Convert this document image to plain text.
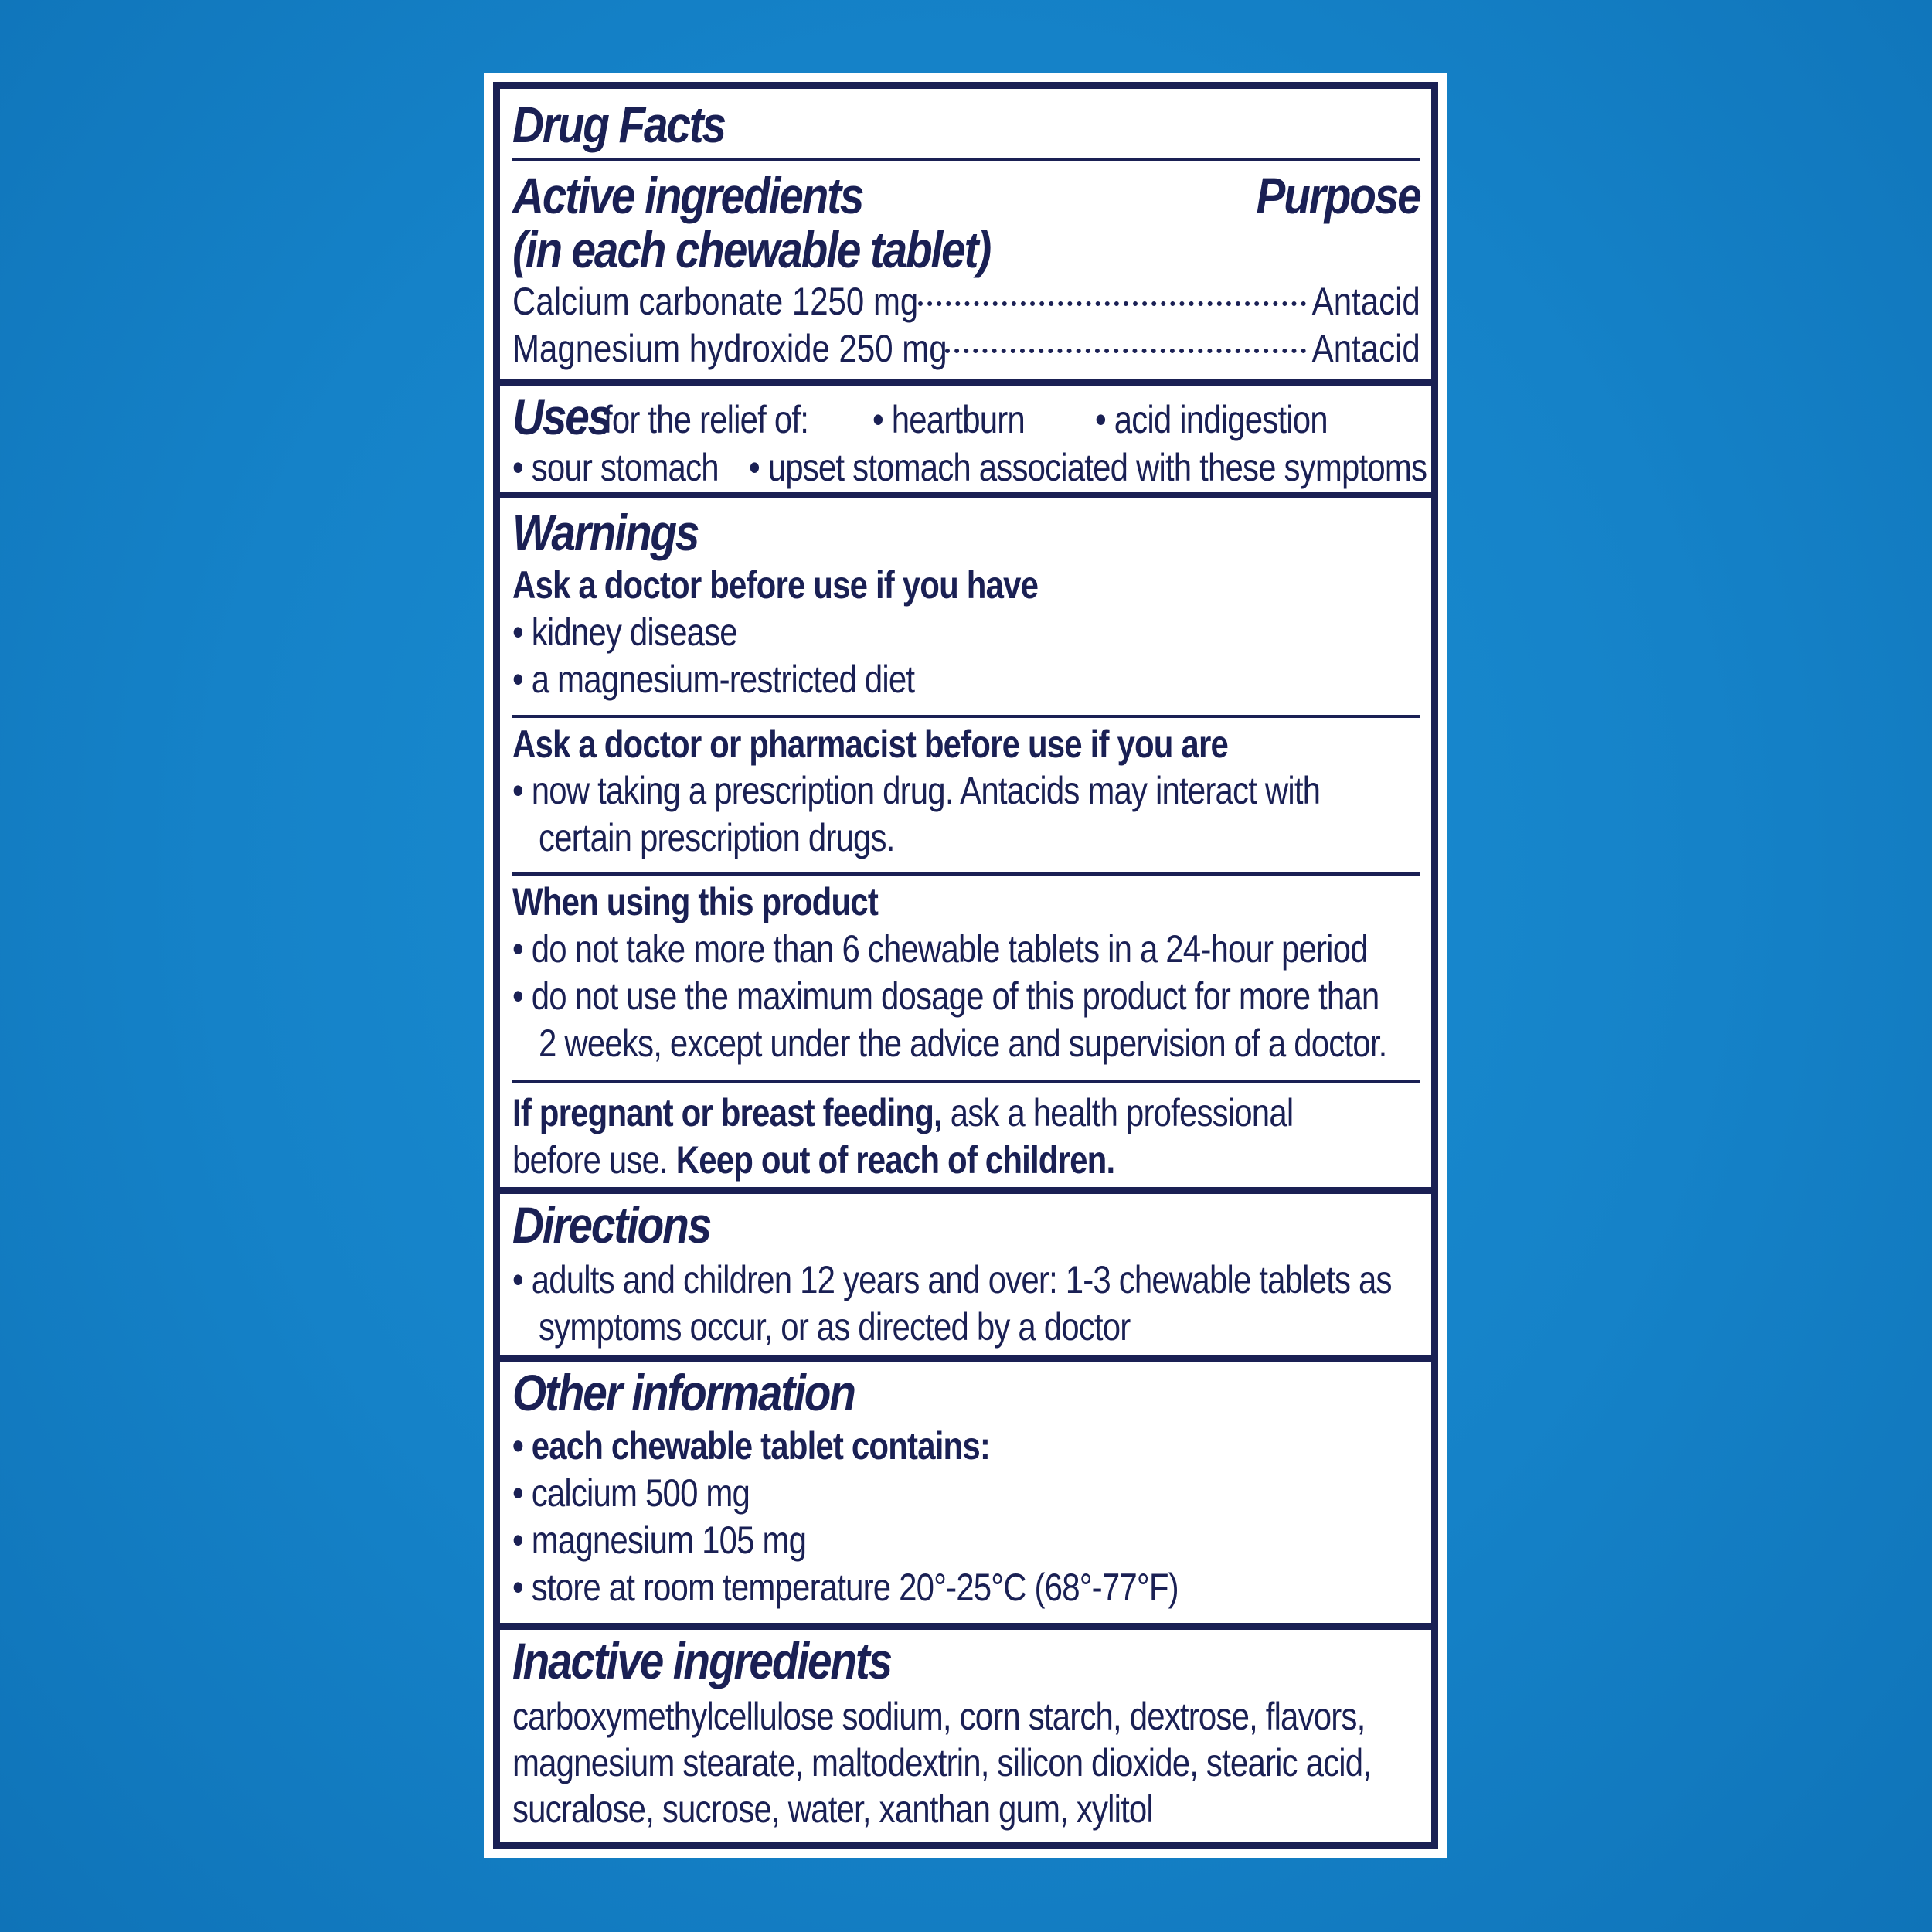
Drug Facts
Active ingredients	Purpose
(in each chewable tablet)
Calcium carbonate 1250 mg	Antacid
Magnesium hydroxide 250 mg	Antacid
Uses
for the relief of:	• heartburn	• acid indigestion
• sour stomach	• upset stomach associated with these symptoms
Warnings
Ask a doctor before use if you have
• kidney disease
• a magnesium-restricted diet
Ask a doctor or pharmacist before use if you are
• now taking a prescription drug. Antacids may interact with
certain prescription drugs.
When using this product
• do not take more than 6 chewable tablets in a 24-hour period
• do not use the maximum dosage of this product for more than
2 weeks, except under the advice and supervision of a doctor.
If pregnant or breast feeding, ask a health professional
before use. Keep out of reach of children.
Directions
• adults and children 12 years and over: 1-3 chewable tablets as
symptoms occur, or as directed by a doctor
Other information
• each chewable tablet contains:
• calcium 500 mg
• magnesium 105 mg
• store at room temperature 20°-25°C (68°-77°F)
Inactive ingredients
carboxymethylcellulose sodium, corn starch, dextrose, flavors,
magnesium stearate, maltodextrin, silicon dioxide, stearic acid,
sucralose, sucrose, water, xanthan gum, xylitol
